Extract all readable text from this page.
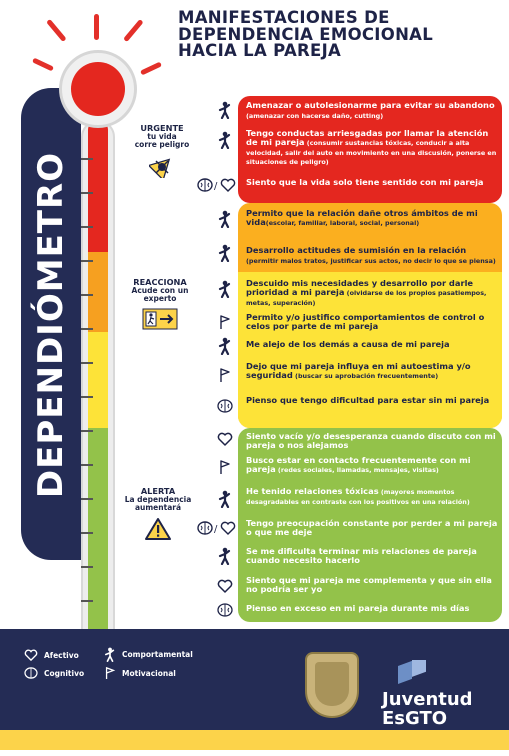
MANIFESTACIONES DE
DEPENDENCIA EMOCIONAL
HACIA LA PAREJA
DEPENDIÓMETRO
URGENTE
tu vida
corre peligro
REACCIONA
Acude con un
experto
ALERTA
La dependencia
aumentará
/
/
Amenazar o autolesionarme para evitar su abandono (amenazar con hacerse daño, cutting)
Tengo conductas arriesgadas por llamar la atención de mi pareja (consumir sustancias tóxicas, conducir a alta velocidad, salir del auto en movimiento en una discusión, ponerse en situaciones de peligro)
Siento que la vida solo tiene sentido con mi pareja
Permito que la relación dañe otros ámbitos de mi vida(escolar, familiar, laboral, social, personal)
Desarrollo actitudes de sumisión en la relación (permitir malos tratos, justificar sus actos, no decir lo que se piensa)
Descuido mis necesidades y desarrollo por darle prioridad a mi pareja (olvidarse de los propios pasatiempos, metas, superación)
Permito y/o justifico comportamientos de control o celos por parte de mi pareja
Me alejo de los demás a causa de mi pareja
Dejo que mi pareja influya en mi autoestima y/o seguridad (buscar su aprobación frecuentemente)
Pienso que tengo dificultad para estar sin mi pareja
Siento vacío y/o desesperanza cuando discuto con mi pareja o nos alejamos
Busco estar en contacto frecuentemente con mi pareja (redes sociales, llamadas, mensajes, visitas)
He tenido relaciones tóxicas (mayores momentos desagradables en contraste con los positivos en una relación)
Tengo preocupación constante por perder a mi pareja o que me deje
Se me dificulta terminar mis relaciones de pareja cuando necesito hacerlo
Siento que mi pareja me complementa y que sin ella no podría ser yo
Pienso en exceso en mi pareja durante mis días
Afectivo
Cognitivo
Comportamental
Motivacional
Juventud
EsGTO
